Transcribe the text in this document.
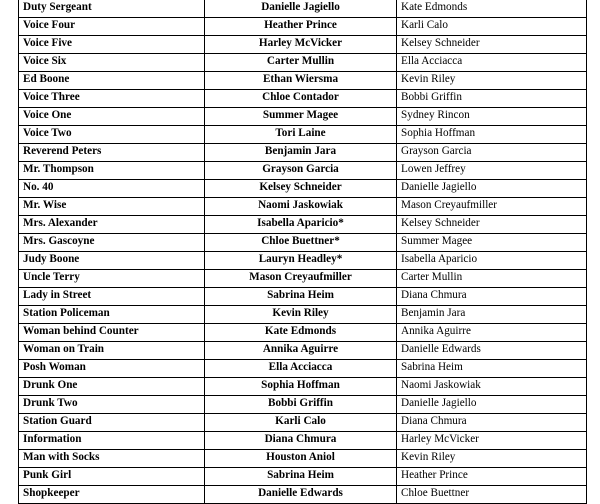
Duty Sergeant	Danielle Jagiello	Kate Edmonds
Voice Four	Heather Prince	Karli Calo
Voice Five	Harley McVicker	Kelsey Schneider
Voice Six	Carter Mullin	Ella Acciacca
Ed Boone	Ethan Wiersma	Kevin Riley
Voice Three	Chloe Contador	Bobbi Griffin
Voice One	Summer Magee	Sydney Rincon
Voice Two	Tori Laine	Sophia Hoffman
Reverend Peters	Benjamin Jara	Grayson Garcia
Mr. Thompson	Grayson Garcia	Lowen Jeffrey
No. 40	Kelsey Schneider	Danielle Jagiello
Mr. Wise	Naomi Jaskowiak	Mason Creyaufmiller
Mrs. Alexander	Isabella Aparicio*	Kelsey Schneider
Mrs. Gascoyne	Chloe Buettner*	Summer Magee
Judy Boone	Lauryn Headley*	Isabella Aparicio
Uncle Terry	Mason Creyaufmiller	Carter Mullin
Lady in Street	Sabrina Heim	Diana Chmura
Station Policeman	Kevin Riley	Benjamin Jara
Woman behind Counter	Kate Edmonds	Annika Aguirre
Woman on Train	Annika Aguirre	Danielle Edwards
Posh Woman	Ella Acciacca	Sabrina Heim
Drunk One	Sophia Hoffman	Naomi Jaskowiak
Drunk Two	Bobbi Griffin	Danielle Jagiello
Station Guard	Karli Calo	Diana Chmura
Information	Diana Chmura	Harley McVicker
Man with Socks	Houston Aniol	Kevin Riley
Punk Girl	Sabrina Heim	Heather Prince
Shopkeeper	Danielle Edwards	Chloe Buettner
